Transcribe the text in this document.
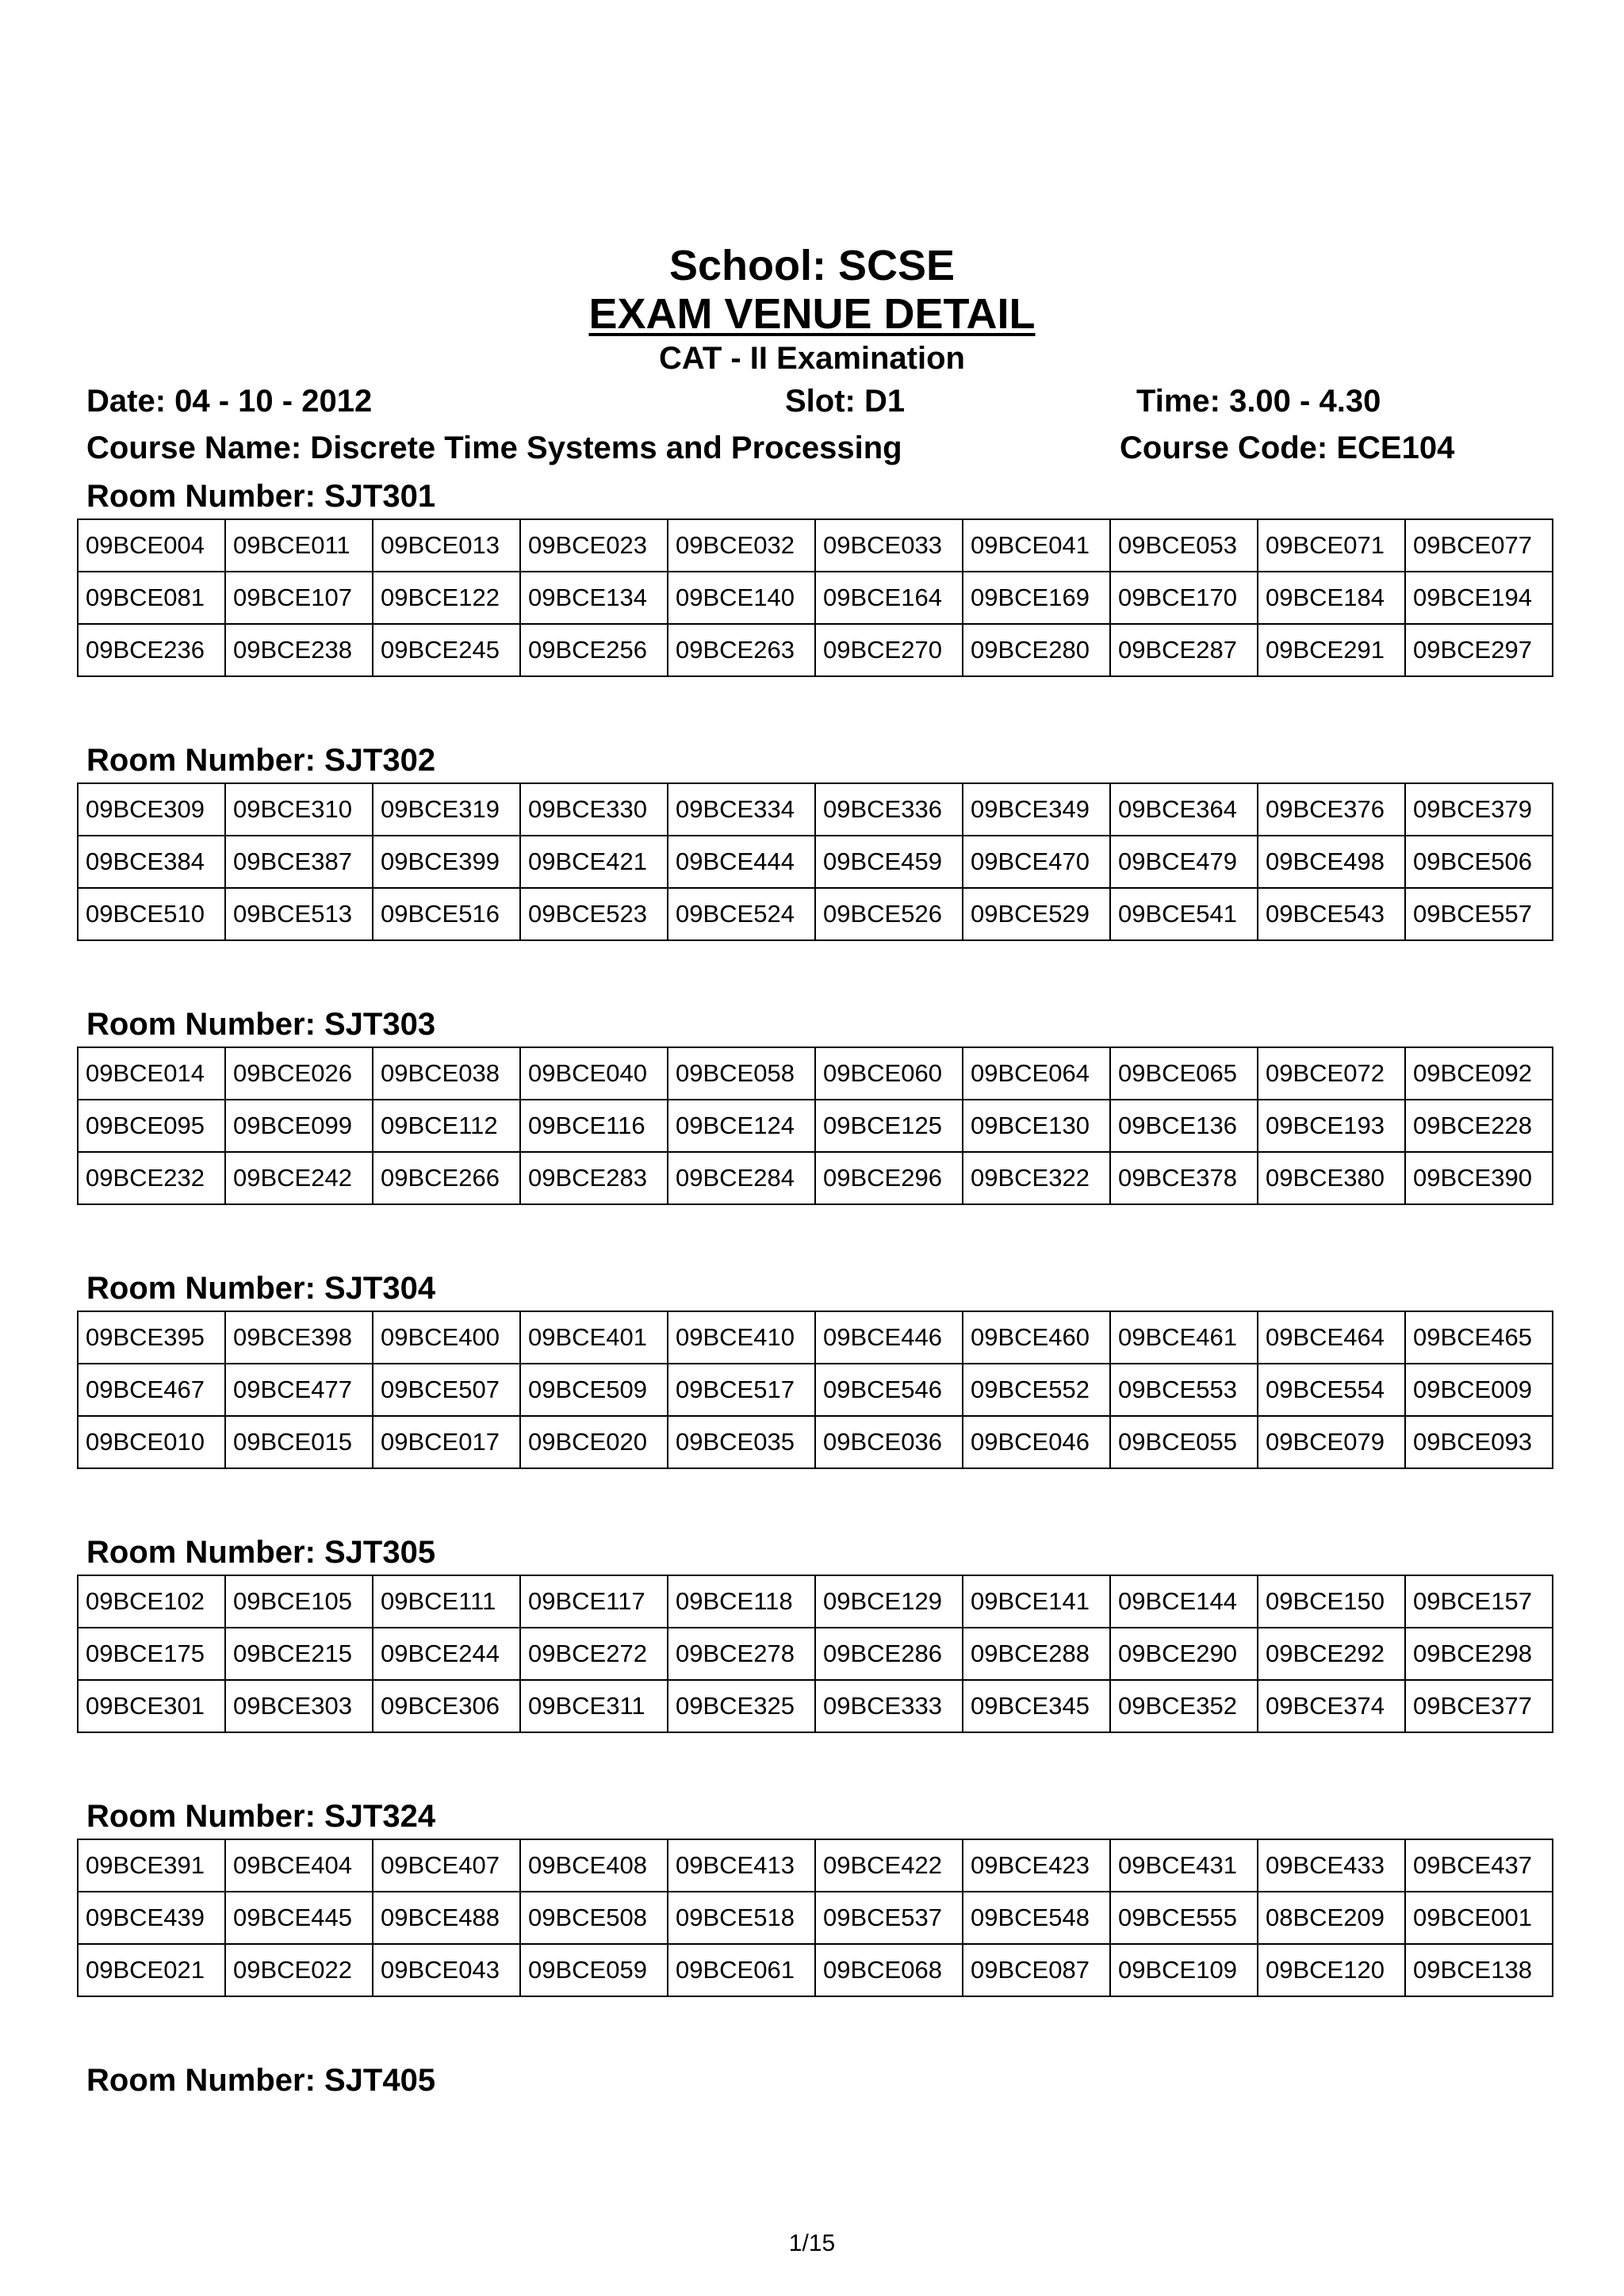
School: SCSE
EXAM VENUE DETAIL
CAT - II Examination
Date: 04 - 10 - 2012	Slot: D1	Time: 3.00 - 4.30
Course Name: Discrete Time Systems and Processing	Course Code: ECE104
Room Number: SJT301
09BCE004	09BCE011	09BCE013	09BCE023	09BCE032	09BCE033	09BCE041	09BCE053	09BCE071	09BCE077
09BCE081	09BCE107	09BCE122	09BCE134	09BCE140	09BCE164	09BCE169	09BCE170	09BCE184	09BCE194
09BCE236	09BCE238	09BCE245	09BCE256	09BCE263	09BCE270	09BCE280	09BCE287	09BCE291	09BCE297
Room Number: SJT302
09BCE309	09BCE310	09BCE319	09BCE330	09BCE334	09BCE336	09BCE349	09BCE364	09BCE376	09BCE379
09BCE384	09BCE387	09BCE399	09BCE421	09BCE444	09BCE459	09BCE470	09BCE479	09BCE498	09BCE506
09BCE510	09BCE513	09BCE516	09BCE523	09BCE524	09BCE526	09BCE529	09BCE541	09BCE543	09BCE557
Room Number: SJT303
09BCE014	09BCE026	09BCE038	09BCE040	09BCE058	09BCE060	09BCE064	09BCE065	09BCE072	09BCE092
09BCE095	09BCE099	09BCE112	09BCE116	09BCE124	09BCE125	09BCE130	09BCE136	09BCE193	09BCE228
09BCE232	09BCE242	09BCE266	09BCE283	09BCE284	09BCE296	09BCE322	09BCE378	09BCE380	09BCE390
Room Number: SJT304
09BCE395	09BCE398	09BCE400	09BCE401	09BCE410	09BCE446	09BCE460	09BCE461	09BCE464	09BCE465
09BCE467	09BCE477	09BCE507	09BCE509	09BCE517	09BCE546	09BCE552	09BCE553	09BCE554	09BCE009
09BCE010	09BCE015	09BCE017	09BCE020	09BCE035	09BCE036	09BCE046	09BCE055	09BCE079	09BCE093
Room Number: SJT305
09BCE102	09BCE105	09BCE111	09BCE117	09BCE118	09BCE129	09BCE141	09BCE144	09BCE150	09BCE157
09BCE175	09BCE215	09BCE244	09BCE272	09BCE278	09BCE286	09BCE288	09BCE290	09BCE292	09BCE298
09BCE301	09BCE303	09BCE306	09BCE311	09BCE325	09BCE333	09BCE345	09BCE352	09BCE374	09BCE377
Room Number: SJT324
09BCE391	09BCE404	09BCE407	09BCE408	09BCE413	09BCE422	09BCE423	09BCE431	09BCE433	09BCE437
09BCE439	09BCE445	09BCE488	09BCE508	09BCE518	09BCE537	09BCE548	09BCE555	08BCE209	09BCE001
09BCE021	09BCE022	09BCE043	09BCE059	09BCE061	09BCE068	09BCE087	09BCE109	09BCE120	09BCE138
Room Number: SJT405
1/15
